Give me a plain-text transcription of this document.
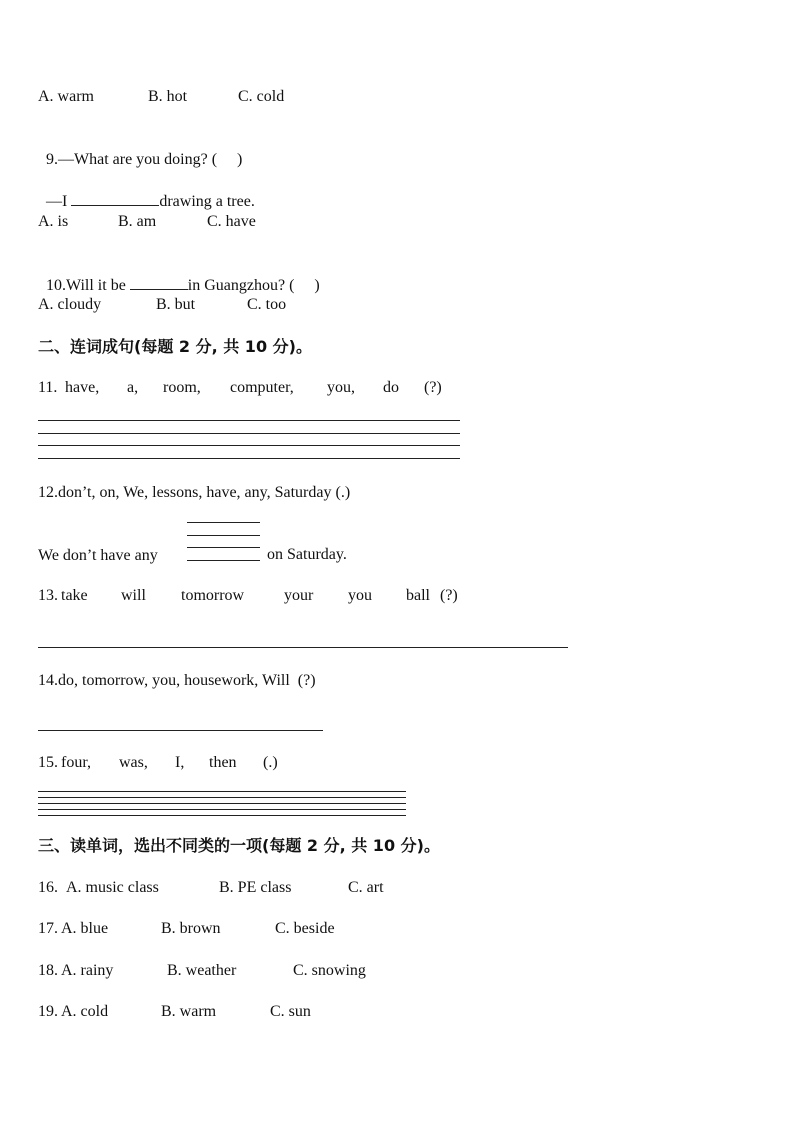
A. warm	B. hot	C. cold

9.—What are you doing? (     )

—I	drawing a tree.

A. is	B. am	C. have

10.Will it be	in Guangzhou? (     )

A. cloudy	B. but	C. too
二、连词成句(每题 2 分, 共 10 分)。
11. have, a, room, computer, you, do (?)
12.don’t, on, We, lessons, have, any, Saturday (.)
We don’t have any	on Saturday.
13. take will tomorrow your you ball (?)
14.do, tomorrow, you, housework, Will  (?)
15. four, was, I, then (.)
三、读单词，选出不同类的一项(每题 2 分, 共 10 分)。
16. A. music class	B. PE class	C. art
17. A. blue	B. brown	C. beside
18. A. rainy	B. weather	C. snowing
19. A. cold	B. warm	C. sun
